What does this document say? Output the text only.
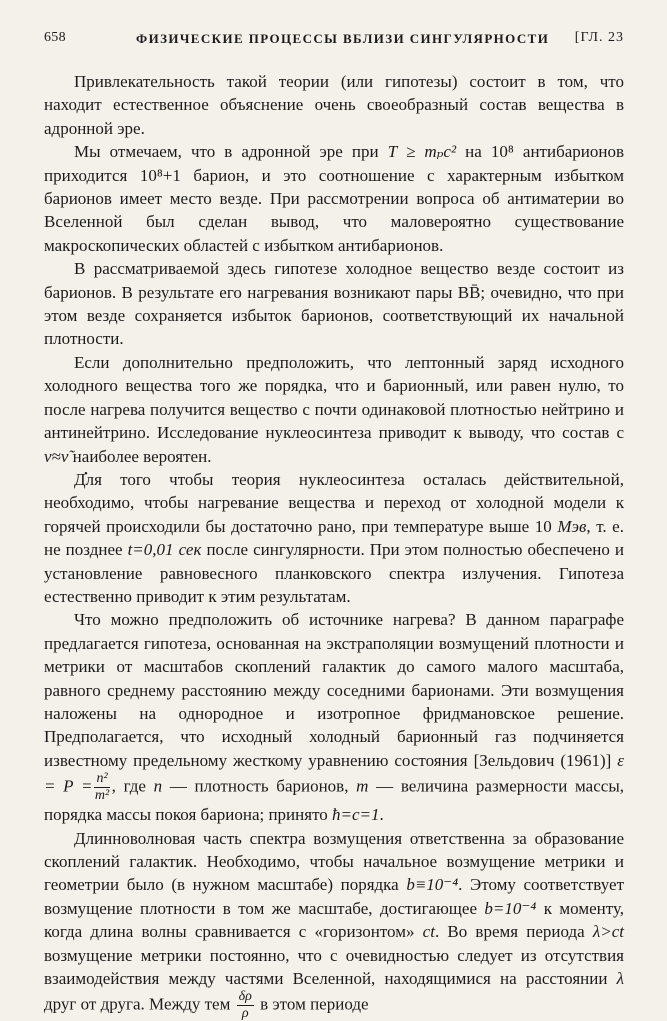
658	ФИЗИЧЕСКИЕ ПРОЦЕССЫ ВБЛИЗИ СИНГУЛЯРНОСТИ [ГЛ. 23

Привлекательность такой теории (или гипотезы) состоит в том, что находит естественное объяснение очень своеобразный состав вещества в адронной эре.

Мы отмечаем, что в адронной эре при T ≥ mₚc² на 10⁸ антибарионов приходится 10⁸+1 барион, и это соотношение с характерным избытком барионов имеет место везде. При рассмотрении вопроса об антиматерии во Вселенной был сделан вывод, что маловероятно существование макроскопических областей с избытком антибарионов.

В рассматриваемой здесь гипотезе холодное вещество везде состоит из барионов. В результате его нагревания возникают пары BB̄; очевидно, что при этом везде сохраняется избыток барионов, соответствующий их начальной плотности.

Если дополнительно предположить, что лептонный заряд исходного холодного вещества того же порядка, что и барионный, или равен нулю, то после нагрева получится вещество с почти одинаковой плотностью нейтрино и антинейтрино. Исследование нуклеосинтеза приводит к выводу, что состав с ν≈ν̃ наиболее вероятен.

• Для того чтобы теория нуклеосинтеза осталась действительной, необходимо, чтобы нагревание вещества и переход от холодной модели к горячей происходили бы достаточно рано, при температуре выше 10 Мэв, т. е. не позднее t=0,01 сек после сингулярности. При этом полностью обеспечено и установление равновесного планковского спектра излучения. Гипотеза естественно приводит к этим результатам.

Что можно предположить об источнике нагрева? В данном параграфе предлагается гипотеза, основанная на экстраполяции возмущений плотности и метрики от масштабов скоплений галактик до самого малого масштаба, равного среднему расстоянию между соседними барионами. Эти возмущения наложены на однородное и изотропное фридмановское решение. Предполагается, что исходный холодный барионный газ подчиняется известному предельному жесткому уравнению состояния [Зельдович (1961)] $\varepsilon = P = \frac{\text{n²}}{\text{m²}}$ , где n — плотность барионов, m — величина размерности массы, порядка массы покоя бариона; принято ħ=c=1.

Длинноволновая часть спектра возмущения ответственна за образование скоплений галактик. Необходимо, чтобы начальное возмущение метрики и геометрии было (в нужном масштабе) порядка b≡10⁻⁴. Этому соответствует возмущение плотности в том же масштабе, достигающее b=10⁻⁴ к моменту, когда длина волны сравнивается с «горизонтом» ct. Во время периода λ>ct возмущение метрики постоянно, что с очевидностью следует из отсутствия взаимодействия между частями Вселенной, находящимися на расстоянии λ друг от друга. Между тем $\frac{\delta\rho}{\rho}$ в этом периоде
